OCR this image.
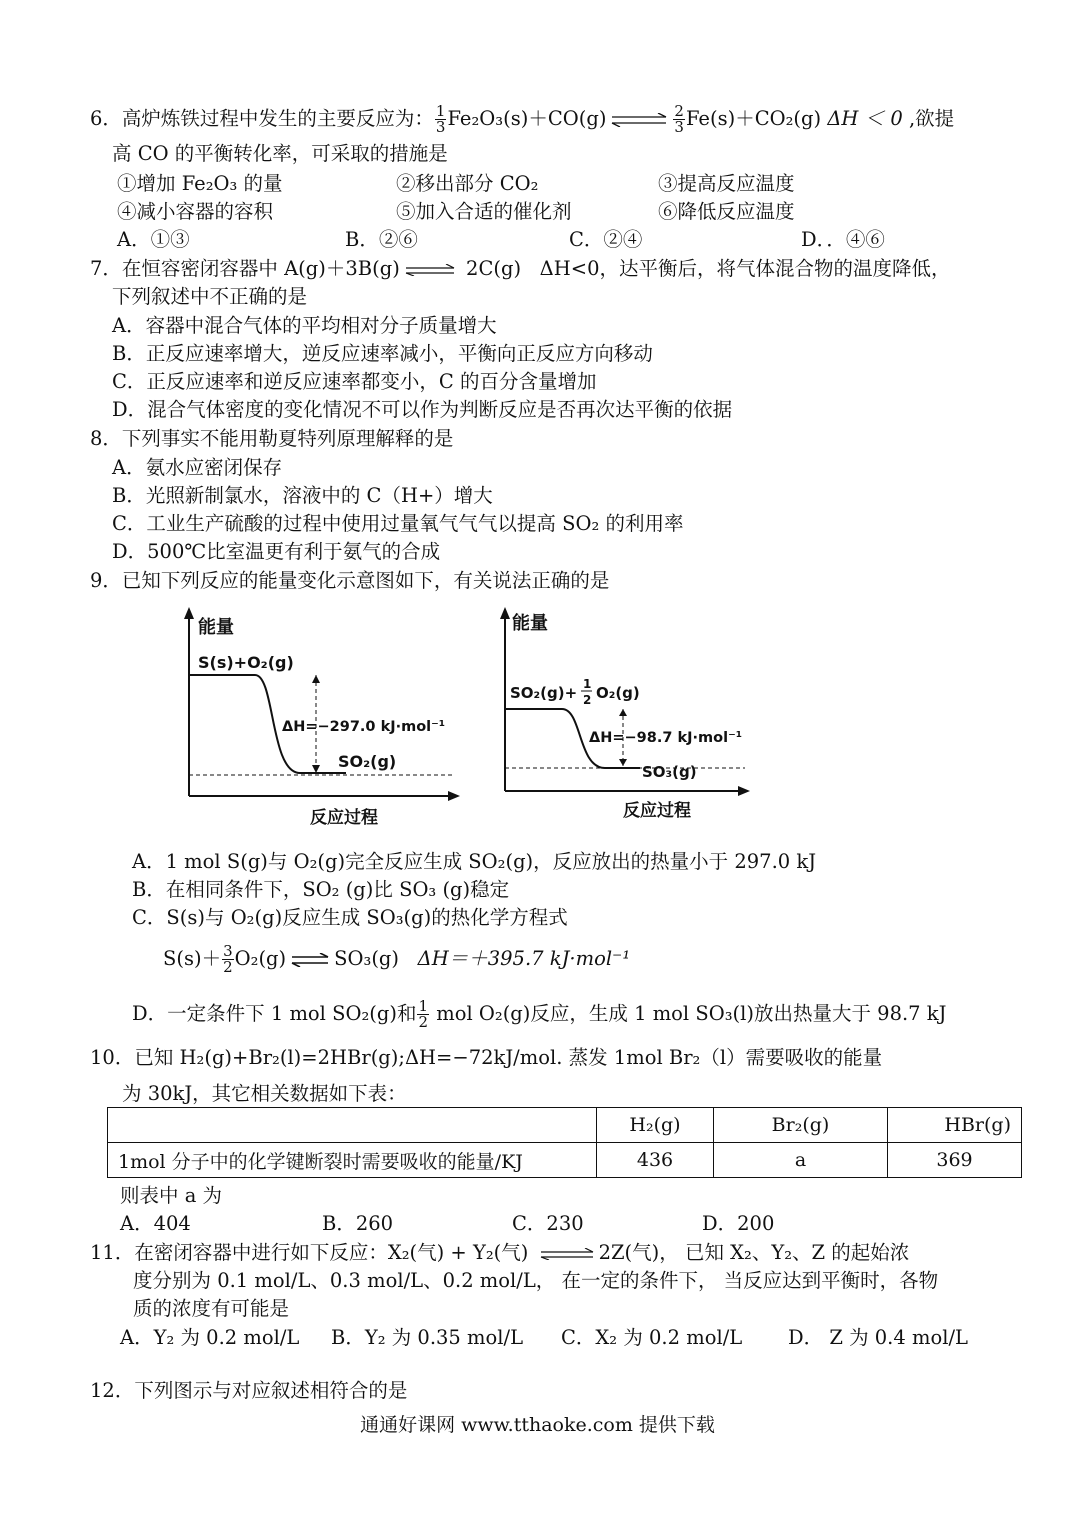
6．高炉炼铁过程中发生的主要反应为： $\frac{1}{3} Fe_2O_3(s)+CO(g)$ ⇌ $\frac{2}{3} Fe(s)+CO_2(g) \Delta H < 0$ ,欲提
高 CO 的平衡转化率，可采取的措施是
①增加 Fe₂O₃ 的量	②移出部分 CO₂	③提高反应温度
④减小容器的容积	⑤加入合适的催化剂	⑥降低反应温度
A．①③	B．②⑥	C．②④	D．．④⑥
7．在恒容密闭容器中 A(g)＋3B(g) ⇌ 2C(g) ΔH<0，达平衡后，将气体混合物的温度降低，
下列叙述中不正确的是
A．容器中混合气体的平均相对分子质量增大
B．正反应速率增大，逆反应速率减小，平衡向正反应方向移动
C．正反应速率和逆反应速率都变小，C 的百分含量增加
D．混合气体密度的变化情况不可以作为判断反应是否再次达平衡的依据
8．下列事实不能用勒夏特列原理解释的是
A．氨水应密闭保存
B．光照新制氯水，溶液中的 C（H+）增大
C．工业生产硫酸的过程中使用过量氧气气气以提高 SO₂ 的利用率
D．500℃比室温更有利于氨气的合成
9．已知下列反应的能量变化示意图如下，有关说法正确的是
能量
S(s)+O₂(g)
ΔH=−297.0 kJ·mol⁻¹
SO₂(g)
反应过程
能量
SO₂(g)+ 1
2 O₂(g)
ΔH=−98.7 kJ·mol⁻¹
SO₃(g)
反应过程
A．1 mol S(g)与 O₂(g)完全反应生成 SO₂(g)，反应放出的热量小于 297.0 kJ
B．在相同条件下，SO₂ (g)比 SO₃ (g)稳定
C．S(s)与 O₂(g)反应生成 SO₃(g)的热化学方程式
$S(s)+ \frac{3}{2} O_2(g)$ ⇌ SO₃(g) ΔH＝＋395.7 kJ·mol⁻¹
D．一定条件下 1 mol SO₂(g)和 $\frac{1}{2}$ mol O₂(g)反应，生成 1 mol SO₃(l)放出热量大于 98.7 kJ
10．已知 H₂(g)+Br₂(l)=2HBr(g);ΔH=−72kJ/mol. 蒸发 1mol Br₂（l）需要吸收的能量
为 30kJ，其它相关数据如下表：
	H₂(g)	Br₂(g)	HBr(g)
1mol 分子中的化学键断裂时需要吸收的能量/KJ	436	a	369
则表中 a 为
A．404	B．260	C．230	D．200
11．在密闭容器中进行如下反应：X₂(气) + Y₂(气) ⇌ 2Z(气)， 已知 X₂、Y₂、Z 的起始浓
度分别为 0.1 mol/L、0.3 mol/L、0.2 mol/L， 在一定的条件下， 当反应达到平衡时，各物
质的浓度有可能是
A．Y₂ 为 0.2 mol/L B．Y₂ 为 0.35 mol/L C．X₂ 为 0.2 mol/L D． Z 为 0.4 mol/L
12．下列图示与对应叙述相符合的是
通通好课网 www.tthaoke.com 提供下载
